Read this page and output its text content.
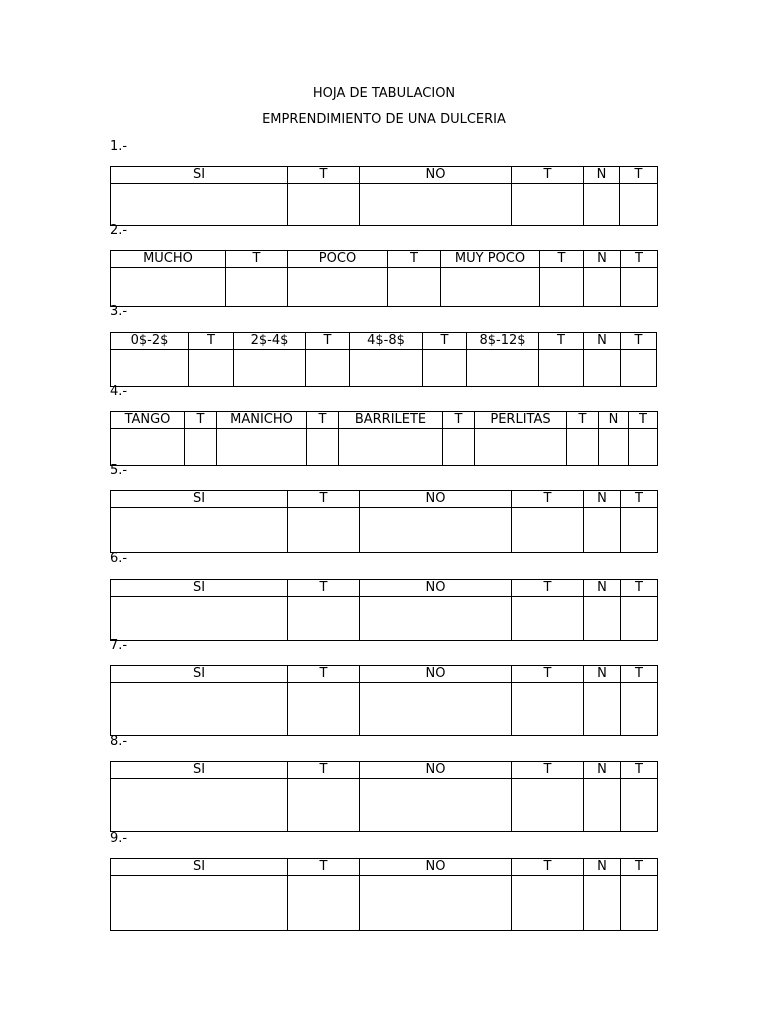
HOJA DE TABULACION
EMPRENDIMIENTO DE UNA DULCERIA
1.-
SI	T	NO	T	N	T

2.-
MUCHO	T	POCO	T	MUY POCO	T	N	T

3.-
0$-2$	T	2$-4$	T	4$-8$	T	8$-12$	T	N	T

4.-
TANGO	T	MANICHO	T	BARRILETE	T	PERLITAS	T	N	T

5.-
SI	T	NO	T	N	T

6.-
SI	T	NO	T	N	T

7.-
SI	T	NO	T	N	T

8.-
SI	T	NO	T	N	T

9.-
SI	T	NO	T	N	T
